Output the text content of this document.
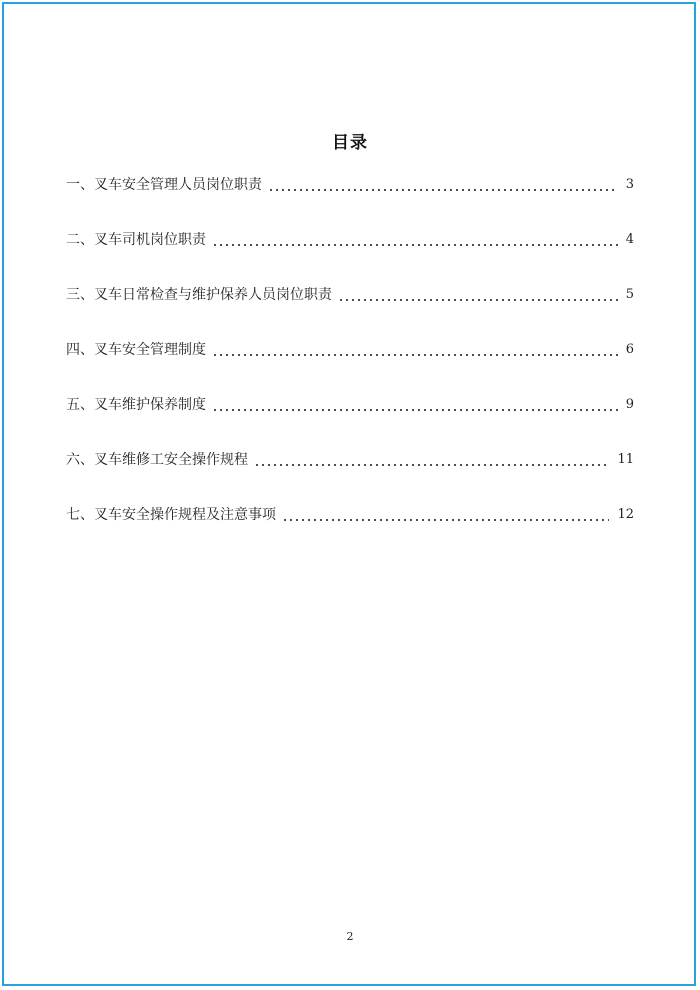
目录
一、叉车安全管理人员岗位职责	3
二、叉车司机岗位职责	4
三、叉车日常检查与维护保养人员岗位职责	5
四、叉车安全管理制度	6
五、叉车维护保养制度	9
六、叉车维修工安全操作规程	11
七、叉车安全操作规程及注意事项	12
2
